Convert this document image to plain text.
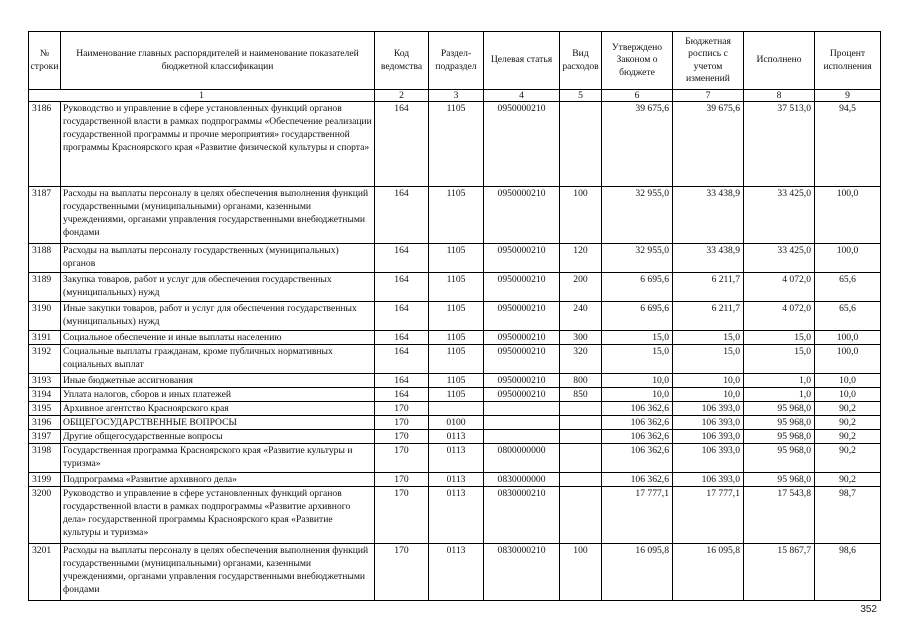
№ строки	Наименование главных распорядителей и наименование показателей бюджетной классификации	Код ведомства	Раздел-подраздел	Целевая статья	Вид расходов	Утверждено Законом о бюджете	Бюджетная роспись с учетом изменений	Исполнено	Процент исполнения
1		2	3	4	5	6	7	8	9
3186	Руководство и управление в сфере установленных функций органов государственной власти в рамках подпрограммы «Обеспечение реализации государственной программы и прочие мероприятия» государственной программы Красноярского края «Развитие физической культуры и спорта»	164	1105	0950000210		39 675,6	39 675,6	37 513,0	94,5
3187	Расходы на выплаты персоналу в целях обеспечения выполнения функций государственными (муниципальными) органами, казенными учреждениями, органами управления государственными внебюджетными фондами	164	1105	0950000210	100	32 955,0	33 438,9	33 425,0	100,0
3188	Расходы на выплаты персоналу государственных (муниципальных) органов	164	1105	0950000210	120	32 955,0	33 438,9	33 425,0	100,0
3189	Закупка товаров, работ и услуг для обеспечения государственных (муниципальных) нужд	164	1105	0950000210	200	6 695,6	6 211,7	4 072,0	65,6
3190	Иные закупки товаров, работ и услуг для обеспечения государственных (муниципальных) нужд	164	1105	0950000210	240	6 695,6	6 211,7	4 072,0	65,6
3191	Социальное обеспечение и иные выплаты населению	164	1105	0950000210	300	15,0	15,0	15,0	100,0
3192	Социальные выплаты гражданам, кроме публичных нормативных социальных выплат	164	1105	0950000210	320	15,0	15,0	15,0	100,0
3193	Иные бюджетные ассигнования	164	1105	0950000210	800	10,0	10,0	1,0	10,0
3194	Уплата налогов, сборов и иных платежей	164	1105	0950000210	850	10,0	10,0	1,0	10,0
3195	Архивное агентство Красноярского края	170				106 362,6	106 393,0	95 968,0	90,2
3196	ОБЩЕГОСУДАРСТВЕННЫЕ ВОПРОСЫ	170	0100			106 362,6	106 393,0	95 968,0	90,2
3197	Другие общегосударственные вопросы	170	0113			106 362,6	106 393,0	95 968,0	90,2
3198	Государственная программа Красноярского края «Развитие культуры и туризма»	170	0113	0800000000		106 362,6	106 393,0	95 968,0	90,2
3199	Подпрограмма «Развитие архивного дела»	170	0113	0830000000		106 362,6	106 393,0	95 968,0	90,2
3200	Руководство и управление в сфере установленных функций органов государственной власти в рамках подпрограммы «Развитие архивного дела» государственной программы Красноярского края «Развитие культуры и туризма»	170	0113	0830000210		17 777,1	17 777,1	17 543,8	98,7
3201	Расходы на выплаты персоналу в целях обеспечения выполнения функций государственными (муниципальными) органами, казенными учреждениями, органами управления государственными внебюджетными фондами	170	0113	0830000210	100	16 095,8	16 095,8	15 867,7	98,6
352
